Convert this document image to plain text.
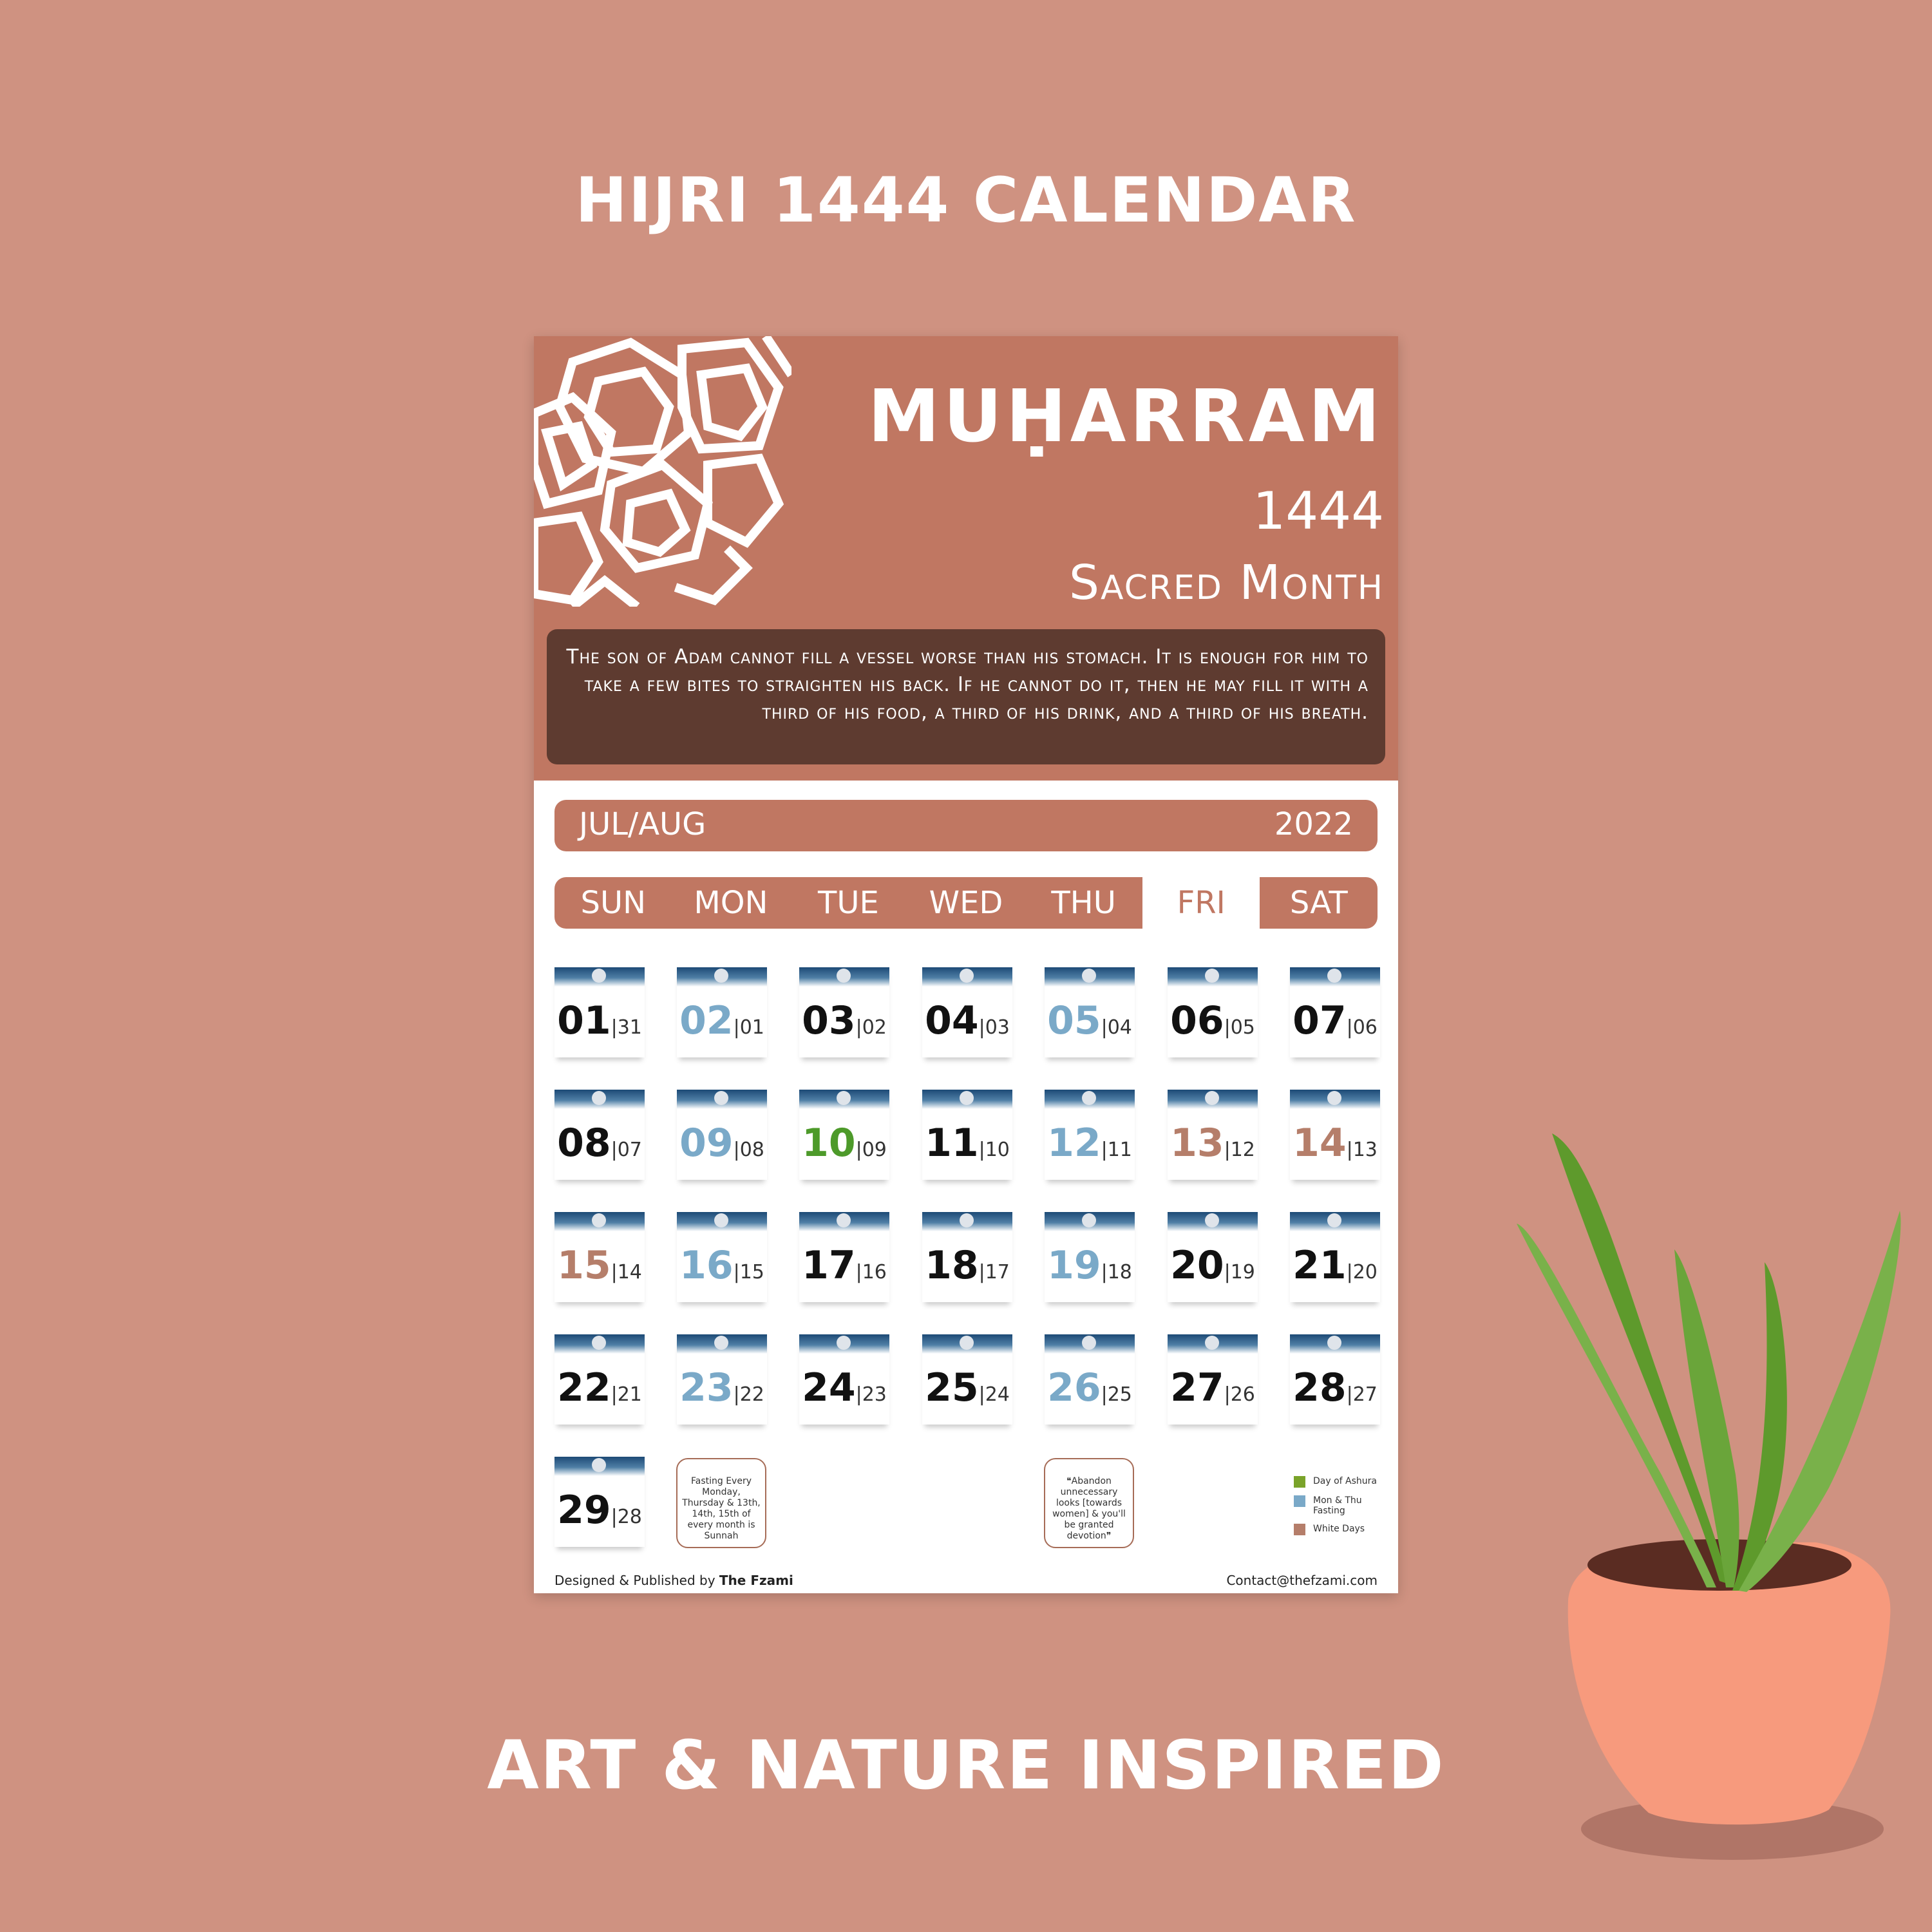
HIJRI 1444 CALENDAR
MUḤARRAM
1444
Sacred Month
The son of Adam cannot fill a vessel worse than his stomach. It is enough for him to take a few bites to straighten his back. If he cannot do it, then he may fill it with a third of his food, a third of his drink, and a third of his breath.
JUL/AUG	2022
SUN	MON	TUE	WED	THU	FRI	SAT
01|31 02|01 03|02 04|03 05|04 06|05 07|06
08|07 09|08 10|09 11|10 12|11 13|12 14|13
15|14 16|15 17|16 18|17 19|18 20|19 21|20
22|21 23|22 24|23 25|24 26|25 27|26 28|27
29|28
Fasting Every Monday, Thursday & 13th, 14th, 15th of every month is Sunnah
❝Abandon unnecessary looks [towards women] & you'll be granted devotion❞
Day of Ashura
Mon & Thu Fasting
White Days
Designed & Published by The Fzami	Contact@thefzami.com
ART & NATURE INSPIRED
